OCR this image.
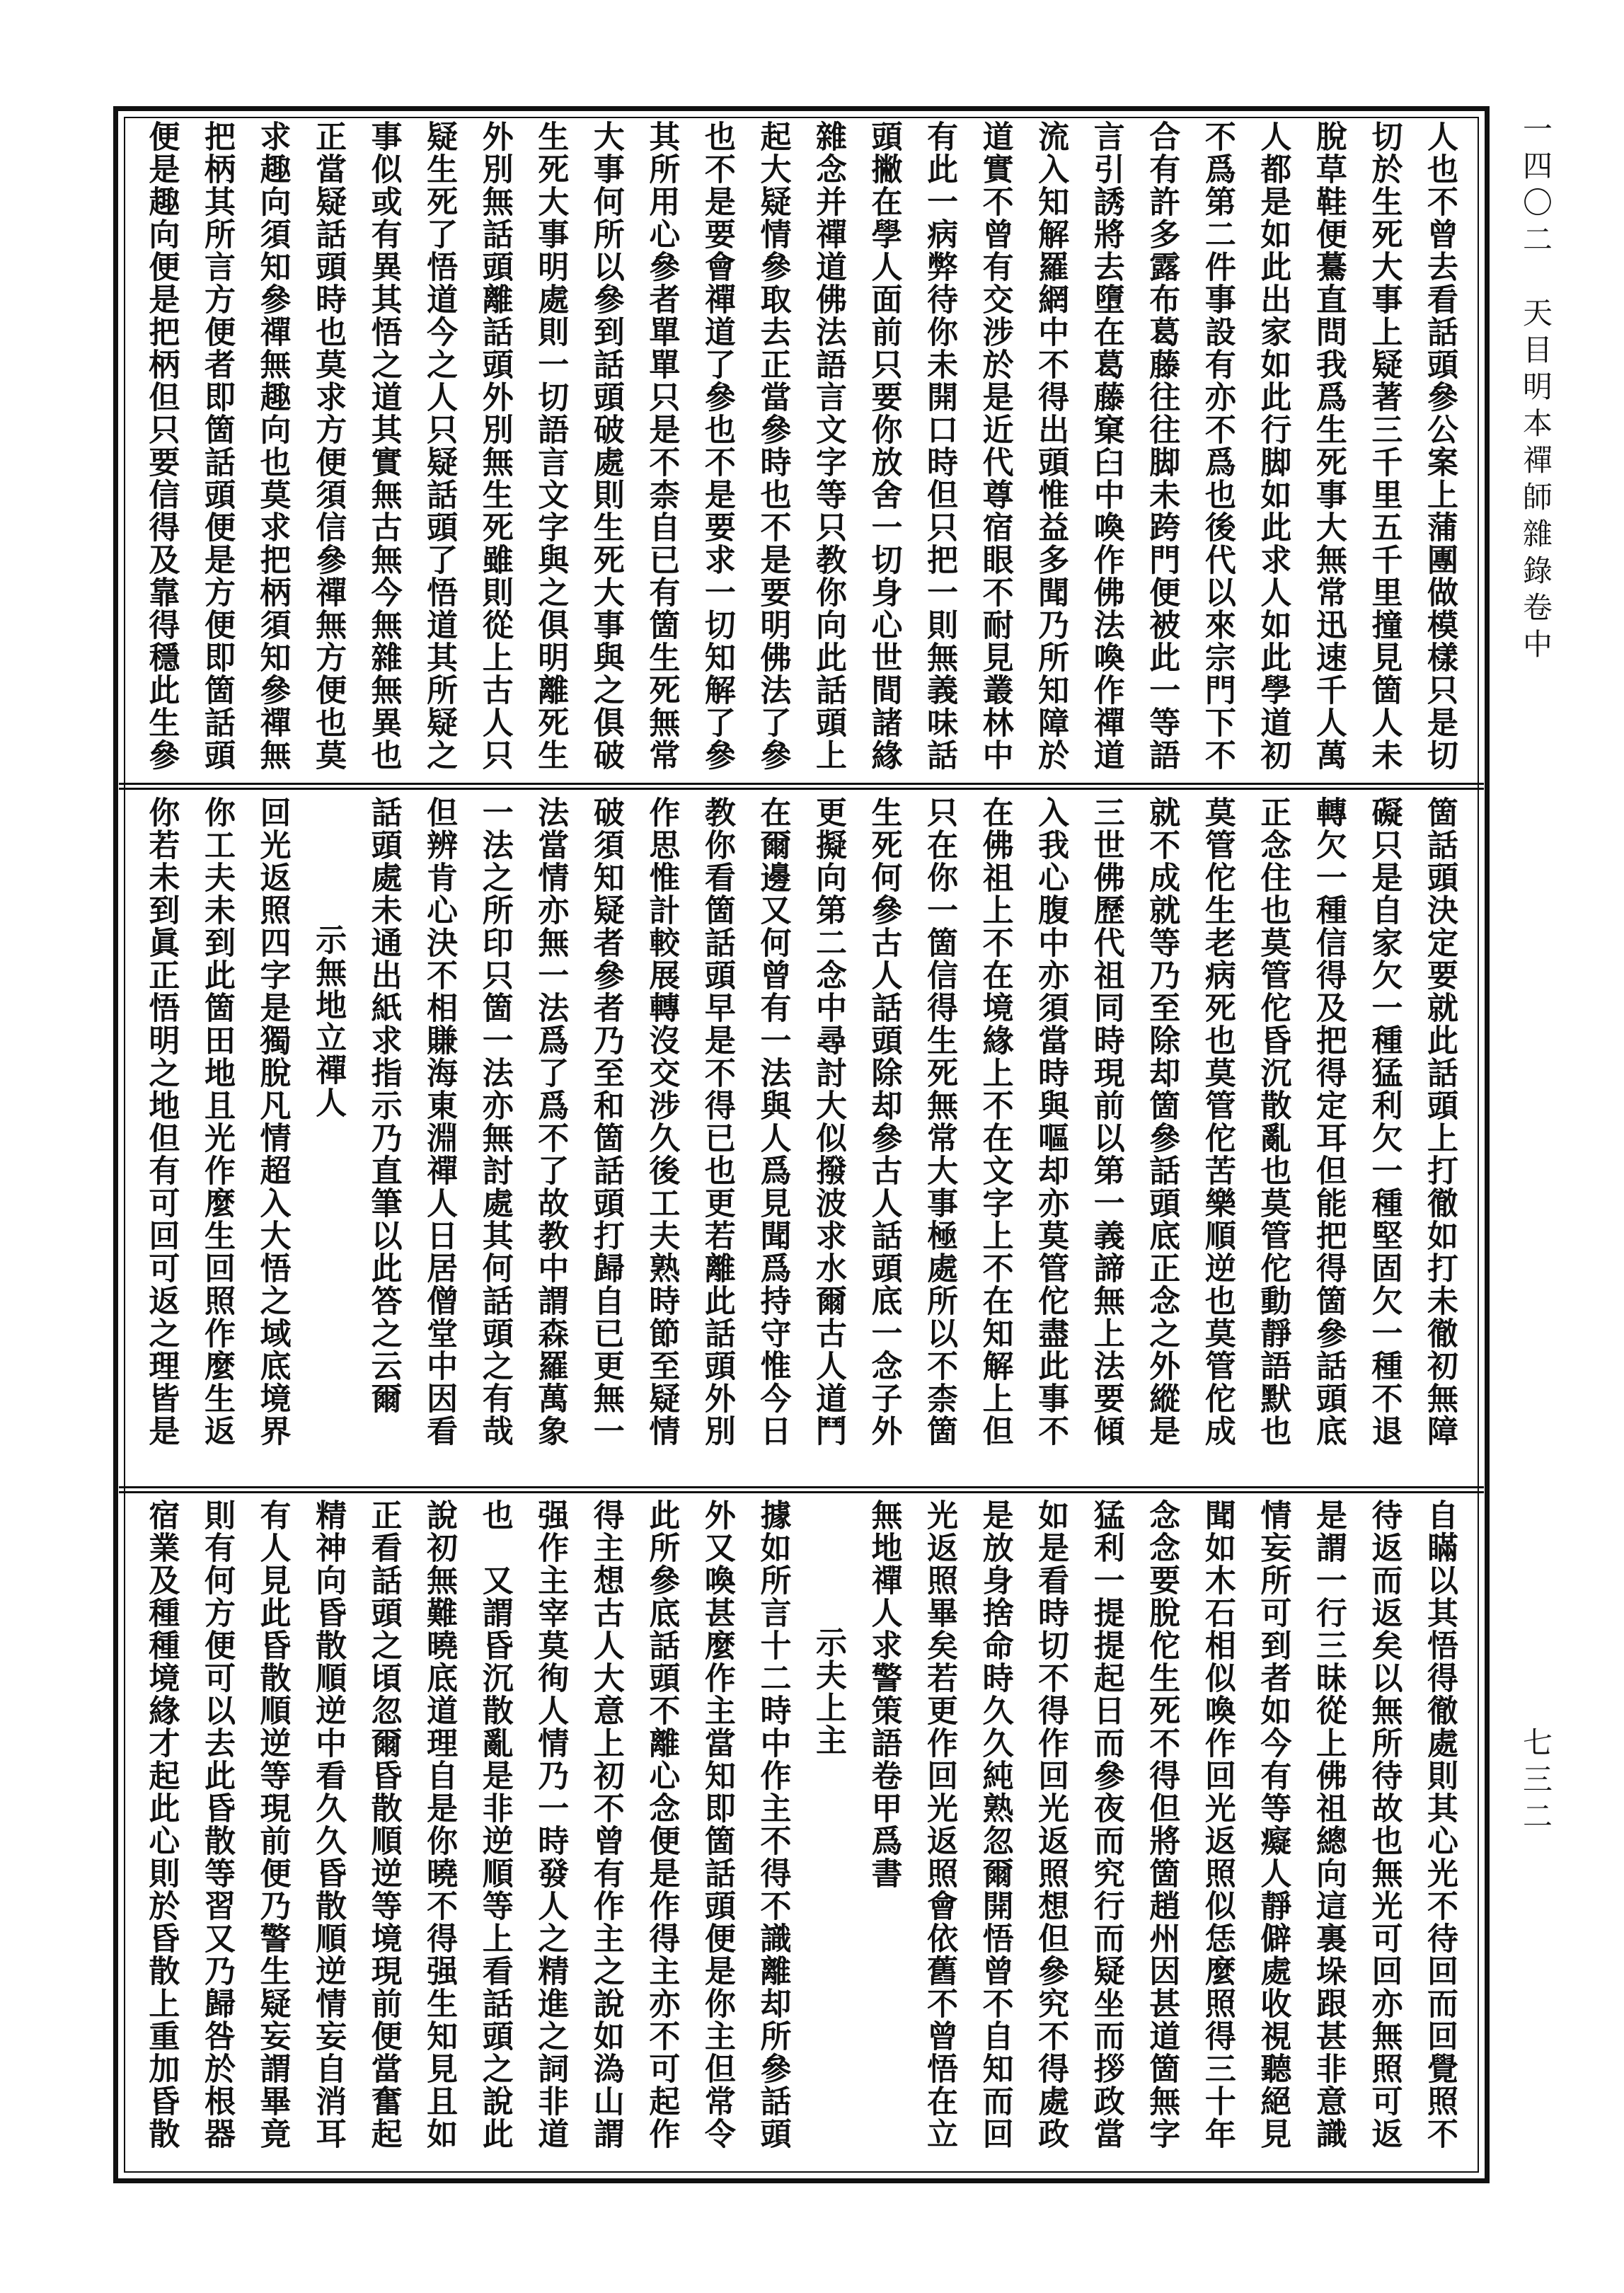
一四〇二　天目明本禪師雜錄卷中
七三二
人也不曾去看話頭參公案上蒲團做模樣只是切
切於生死大事上疑著三千里五千里撞見箇人未
脫草鞋便驀直問我爲生死事大無常迅速千人萬
人都是如此出家如此行脚如此求人如此學道初
不爲第二件事設有亦不爲也後代以來宗門下不
合有許多露布葛藤往往脚未跨門便被此一等語
言引誘將去墮在葛藤窠臼中喚作佛法喚作禪道
流入知解羅網中不得出頭惟益多聞乃所知障於
道實不曾有交涉於是近代尊宿眼不耐見叢林中
有此一病弊待你未開口時但只把一則無義味話
頭撇在學人面前只要你放舍一切身心世間諸緣
雜念并禪道佛法語言文字等只教你向此話頭上
起大疑情參取去正當參時也不是要明佛法了參
也不是要會禪道了參也不是要求一切知解了參
其所用心參者單單只是不柰自已有箇生死無常
大事何所以參到話頭破處則生死大事與之俱破
生死大事明處則一切語言文字與之俱明離死生
外別無話頭離話頭外別無生死雖則從上古人只
疑生死了悟道今之人只疑話頭了悟道其所疑之
事似或有異其悟之道其實無古無今無雜無異也
正當疑話頭時也莫求方便須信參禪無方便也莫
求趣向須知參禪無趣向也莫求把柄須知參禪無
把柄其所言方便者即箇話頭便是方便即箇話頭
便是趣向便是把柄但只要信得及靠得穩此生參
箇話頭決定要就此話頭上打徹如打未徹初無障
礙只是自家欠一種猛利欠一種堅固欠一種不退
轉欠一種信得及把得定耳但能把得箇參話頭底
正念住也莫管佗昏沉散亂也莫管佗動靜語默也
莫管佗生老病死也莫管佗苦樂順逆也莫管佗成
就不成就等乃至除却箇參話頭底正念之外縱是
三世佛歷代祖同時現前以第一義諦無上法要傾
入我心腹中亦須當時與嘔却亦莫管佗盡此事不
在佛祖上不在境緣上不在文字上不在知解上但
只在你一箇信得生死無常大事極處所以不柰箇
生死何參古人話頭除却參古人話頭底一念子外
更擬向第二念中尋討大似撥波求水爾古人道鬥
在爾邊又何曾有一法與人爲見聞爲持守惟今日
教你看箇話頭早是不得已也更若離此話頭外別
作思惟計較展轉沒交涉久後工夫熟時節至疑情
破須知疑者參者乃至和箇話頭打歸自已更無一
法當情亦無一法爲了爲不了故教中謂森羅萬象
一法之所印只箇一法亦無討處其何話頭之有哉
但辨肯心決不相賺海東淵禪人日居僧堂中因看
話頭處未通出紙求指示乃直筆以此答之云爾
示無地立禪人
回光返照四字是獨脫凡情超入大悟之域底境界
你工夫未到此箇田地且光作麼生回照作麼生返
你若未到眞正悟明之地但有可回可返之理皆是
自瞞以其悟得徹處則其心光不待回而回覺照不
待返而返矣以無所待故也無光可回亦無照可返
是謂一行三昧從上佛祖總向這裏垛跟甚非意識
情妄所可到者如今有等癡人靜僻處收視聽絕見
聞如木石相似喚作回光返照似恁麼照得三十年
念念要脫佗生死不得但將箇趙州因甚道箇無字
猛利一提提起日而參夜而究行而疑坐而拶政當
如是看時切不得作回光返照想但參究不得處政
是放身捨命時久久純熟忽爾開悟曾不自知而回
光返照畢矣若更作回光返照會依舊不曾悟在立
無地禪人求警策語卷甲爲書
示夫上主
據如所言十二時中作主不得不識離却所參話頭
外又喚甚麼作主當知即箇話頭便是你主但常令
此所參底話頭不離心念便是作得主亦不可起作
得主想古人大意上初不曾有作主之說如溈山謂
强作主宰莫徇人情乃一時發人之精進之詞非道
也　又謂昏沉散亂是非逆順等上看話頭之說此
說初無難曉底道理自是你曉不得强生知見且如
正看話頭之頃忽爾昏散順逆等境現前便當奮起
精神向昏散順逆中看久久昏散順逆情妄自消耳
有人見此昏散順逆等現前便乃警生疑妄謂畢竟
則有何方便可以去此昏散等習又乃歸咎於根器
宿業及種種境緣才起此心則於昏散上重加昏散
